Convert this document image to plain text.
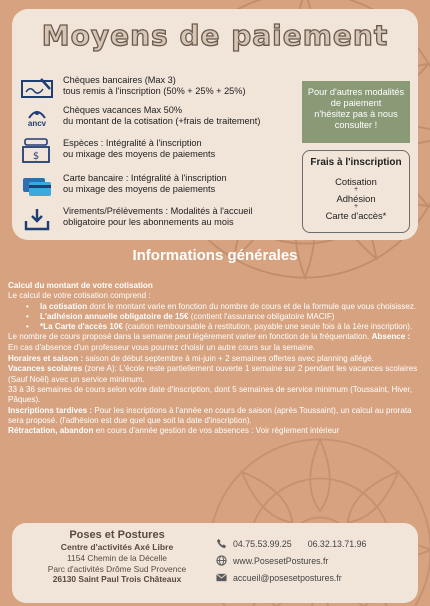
Moyens de paiement
Chèques bancaires (Max 3)
tous remis à l'inscription (50% + 25% + 25%)
ancv
Chèques vacances Max 50%
du montant de la cotisation (+frais de traitement)
$
Espèces : Intégralité à l'inscription
ou mixage des moyens de paiements
Carte bancaire : Intégralité à l'inscription
ou mixage des moyens de paiements
Virements/Prélèvements : Modalités à l'accueil
obligatoire pour les abonnements au mois
Pour d'autres modalités
de paiement
n'hésitez pas à nous
consulter !
Frais à l'inscription
Cotisation
+
Adhésion
+
Carte d'accès*
Informations générales
Calcul du montant de votre cotisation
Le calcul de votre cotisation comprend :
•	la cotisation dont le montant varie en fonction du nombre de cours et de la formule que vous choisissez.
•	L'adhésion annuelle obligatoire de 15€ (contient l'assurance obligatoire MACIF)
•	*La Carte d'accès 10€ (caution remboursable à restitution, payable une seule fois à la 1ère inscription).
Le nombre de cours proposé dans la semaine peut légèrement varier en fonction de la fréquentation. Absence :
En cas d'absence d'un professeur vous pourrez choisir un autre cours sur la semaine.
Horaires et saison : saison de début septembre à mi-juin + 2 semaines offertes avec planning allégé.
Vacances scolaires (zone A): L'école reste partiellement ouverte 1 semaine sur 2 pendant les vacances scolaires (Sauf Noël) avec un service minimum.
33 à 36 semaines de cours selon votre date d'inscription, dont 5 semaines de service minimum (Toussaint, Hiver, Pâques).
Inscriptions tardives : Pour les inscriptions à l'année en cours de saison (après Toussaint), un calcul au prorata sera proposé. (l'adhésion est due quel que soit la date d'inscription).
Rétractation, abandon en cours d'année gestion de vos absences : Voir règlement intérieur
Poses et Postures
Centre d'activités Axé Libre
1154 Chemin de la Décelle
Parc d'activités Drôme Sud Provence
26130 Saint Paul Trois Châteaux
04.75.53.99.25 06.32.13.71.96
www.PosesetPostures.fr
accueil@posesetpostures.fr
